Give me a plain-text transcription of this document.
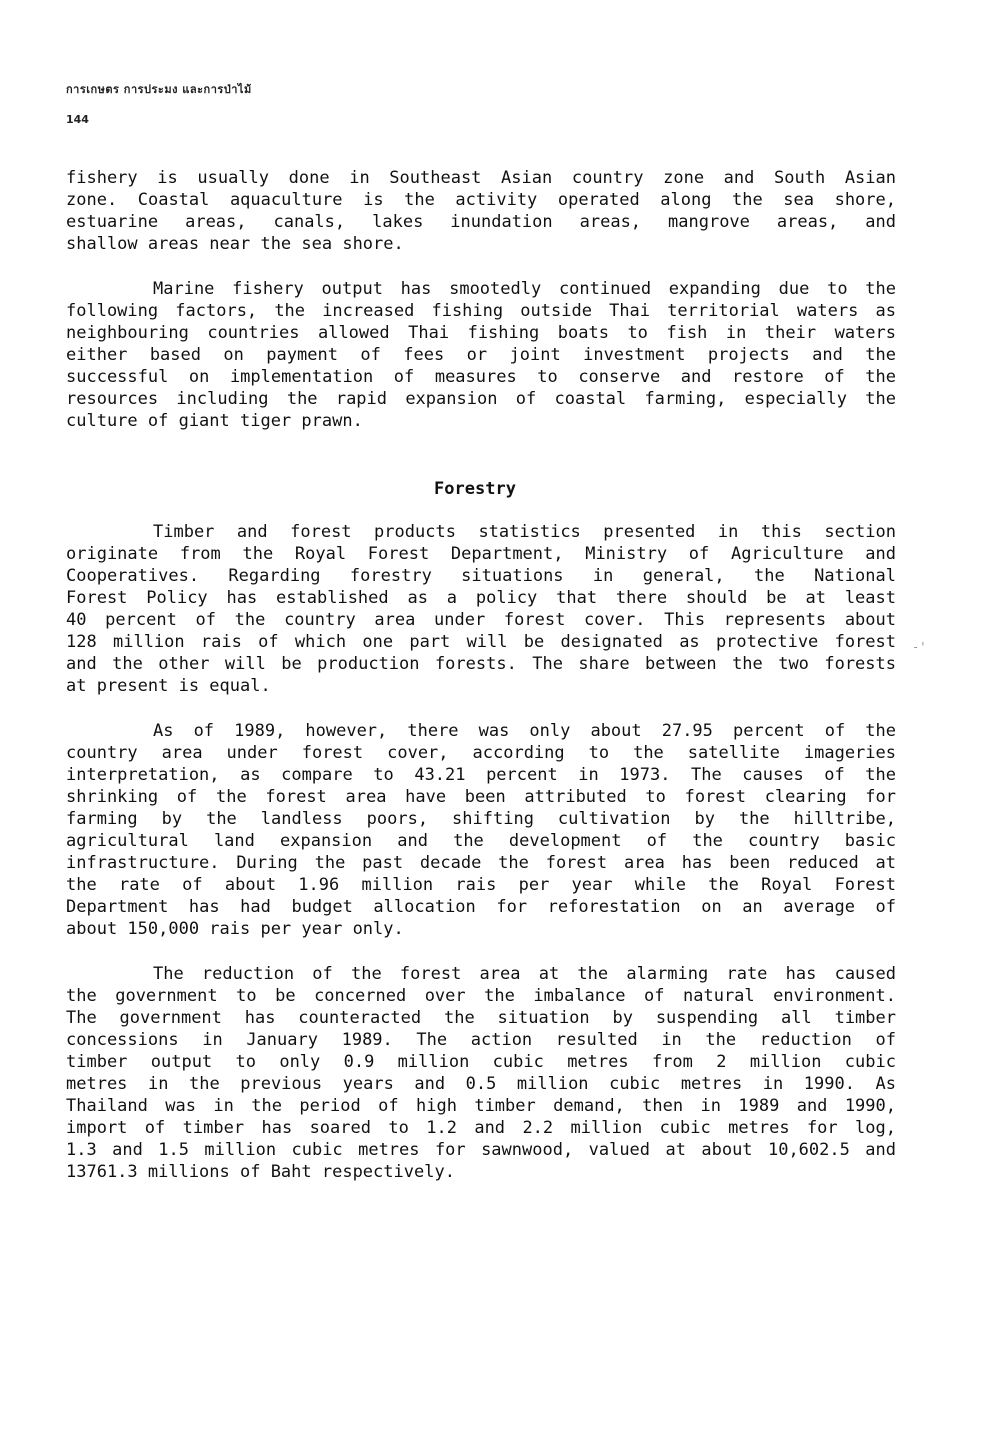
การเกษตร การประมง และการป่าไม้
144
fishery is usually done in Southeast Asian country zone and South Asian
zone. Coastal aquaculture is the activity operated along the sea shore,
estuarine areas, canals, lakes inundation areas, mangrove areas, and
shallow areas near the sea shore.
Marine fishery output has smootedly continued expanding due to the
following factors, the increased fishing outside Thai territorial waters as
neighbouring countries allowed Thai fishing boats to fish in their waters
either based on payment of fees or joint investment projects and the
successful on implementation of measures to conserve and restore of the
resources including the rapid expansion of coastal farming, especially the
culture of giant tiger prawn.
Forestry
Timber and forest products statistics presented in this section
originate from the Royal Forest Department, Ministry of Agriculture and
Cooperatives. Regarding forestry situations in general, the National
Forest Policy has established as a policy that there should be at least
40 percent of the country area under forest cover. This represents about
128 million rais of which one part will be designated as protective forest
and the other will be production forests. The share between the two forests
at present is equal.
-'
As of 1989, however, there was only about 27.95 percent of the
country area under forest cover, according to the satellite imageries
interpretation, as compare to 43.21 percent in 1973. The causes of the
shrinking of the forest area have been attributed to forest clearing for
farming by the landless poors, shifting cultivation by the hilltribe,
agricultural land expansion and the development of the country basic
infrastructure. During the past decade the forest area has been reduced at
the rate of about 1.96 million rais per year while the Royal Forest
Department has had budget allocation for reforestation on an average of
about 150,000 rais per year only.
The reduction of the forest area at the alarming rate has caused
the government to be concerned over the imbalance of natural environment.
The government has counteracted the situation by suspending all timber
concessions in January 1989. The action resulted in the reduction of
timber output to only 0.9 million cubic metres from 2 million cubic
metres in the previous years and 0.5 million cubic metres in 1990. As
Thailand was in the period of high timber demand, then in 1989 and 1990,
import of timber has soared to 1.2 and 2.2 million cubic metres for log,
1.3 and 1.5 million cubic metres for sawnwood, valued at about 10,602.5 and
13761.3 millions of Baht respectively.
